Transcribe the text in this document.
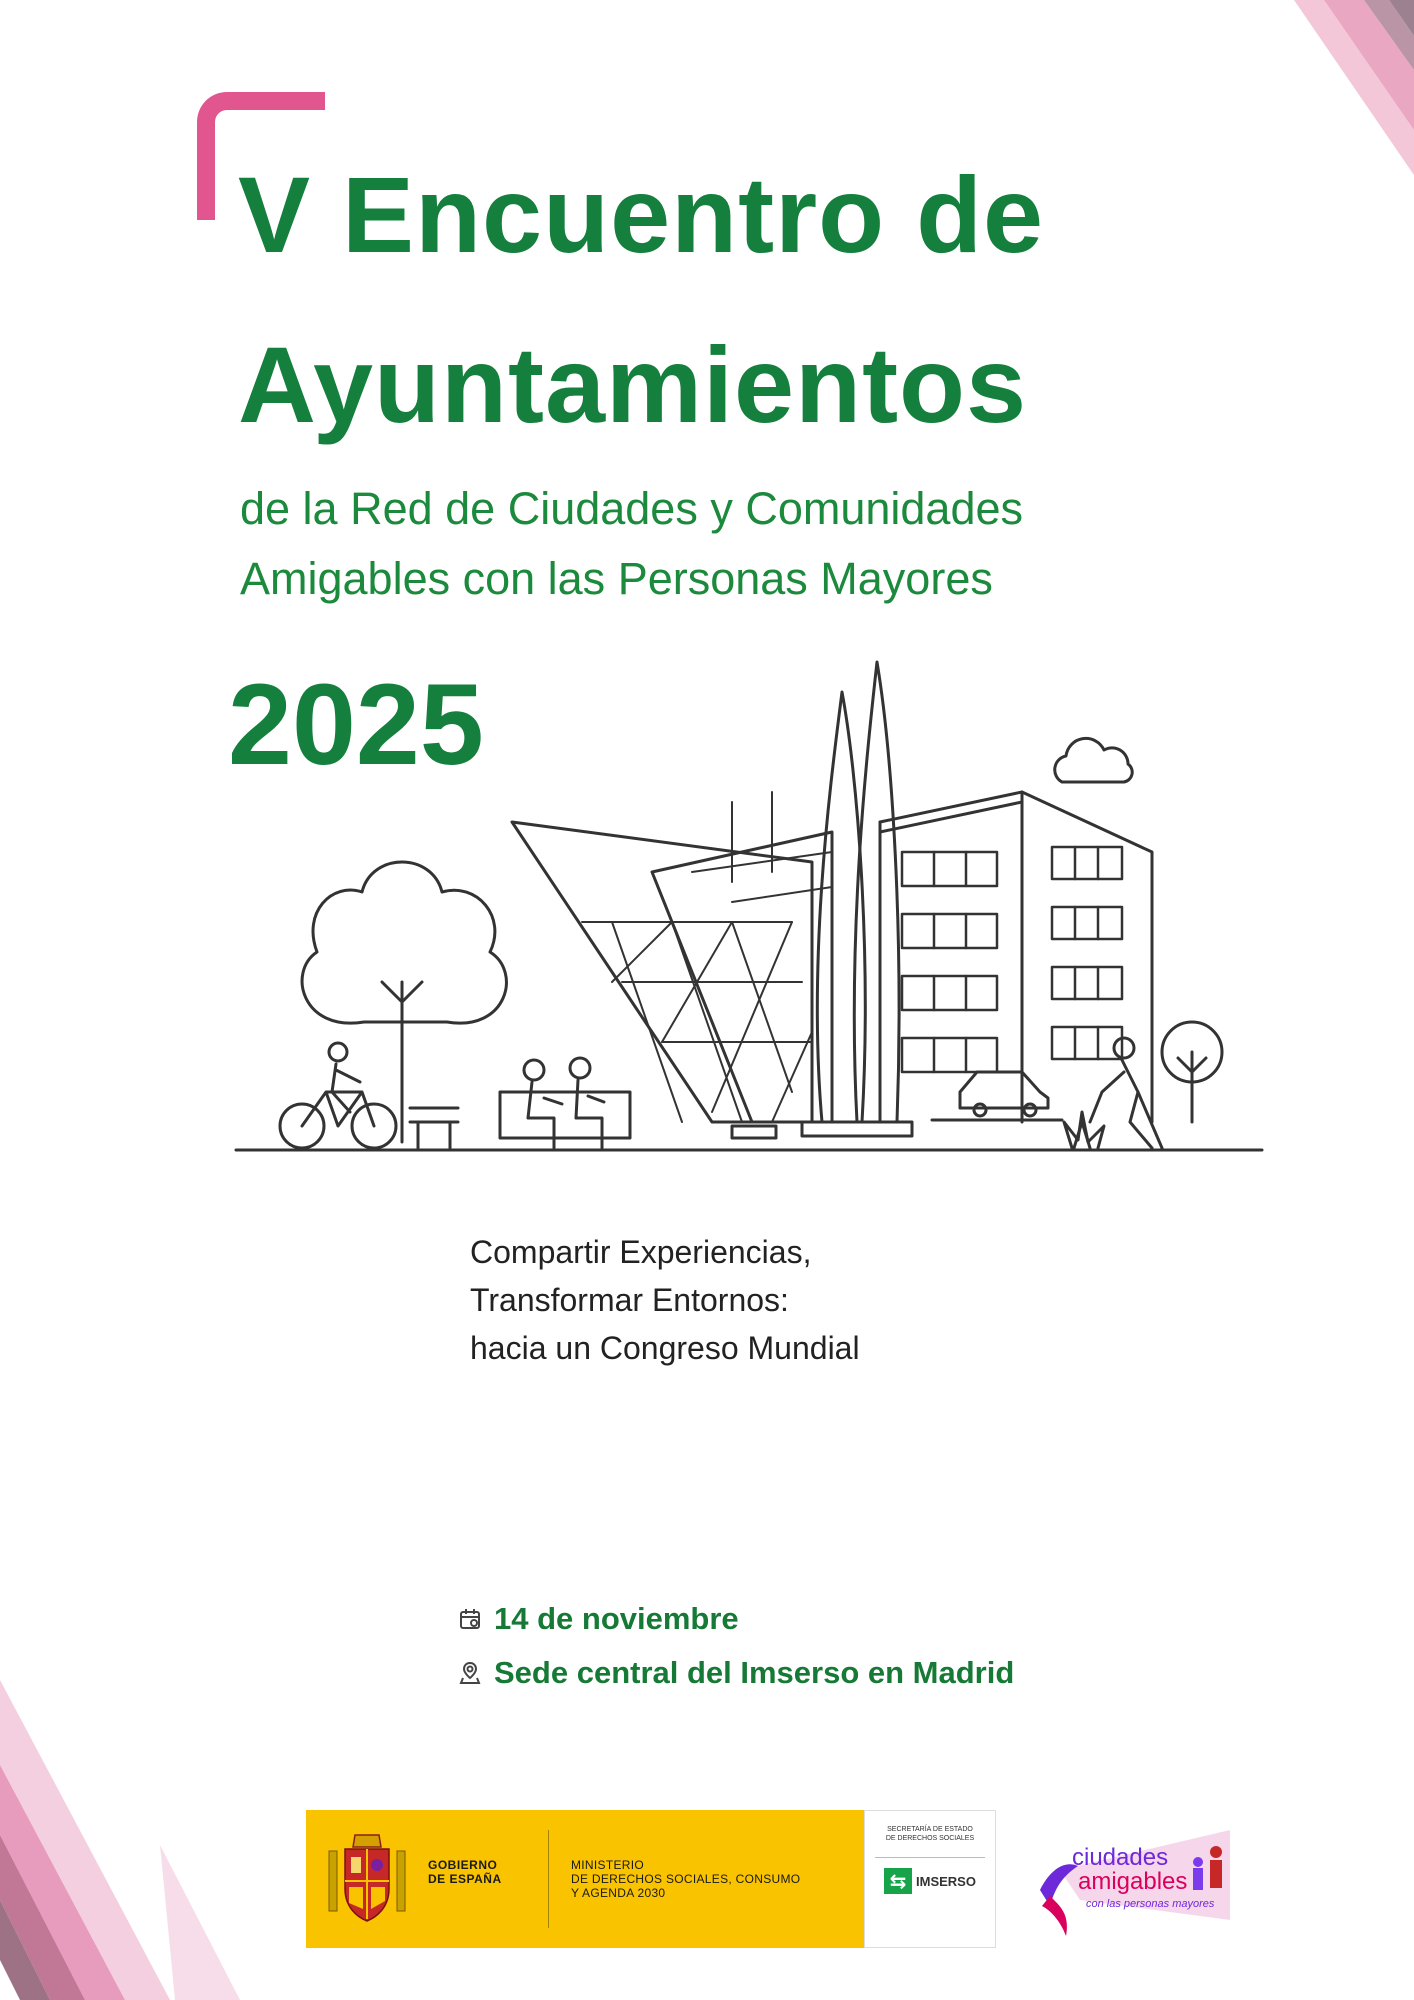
V Encuentro de
Ayuntamientos

de la Red de Ciudades y Comunidades
Amigables con las Personas Mayores

2025
Compartir Experiencias,
Transformar Entornos:
hacia un Congreso Mundial
14 de noviembre
Sede central del Imserso en Madrid
GOBIERNO
DE ESPAÑA
MINISTERIO
DE DERECHOS SOCIALES, CONSUMO
Y AGENDA 2030
SECRETARÍA DE ESTADO
DE DERECHOS SOCIALES
⇆ IMSERSO
ciudades
amigables
con las personas mayores
